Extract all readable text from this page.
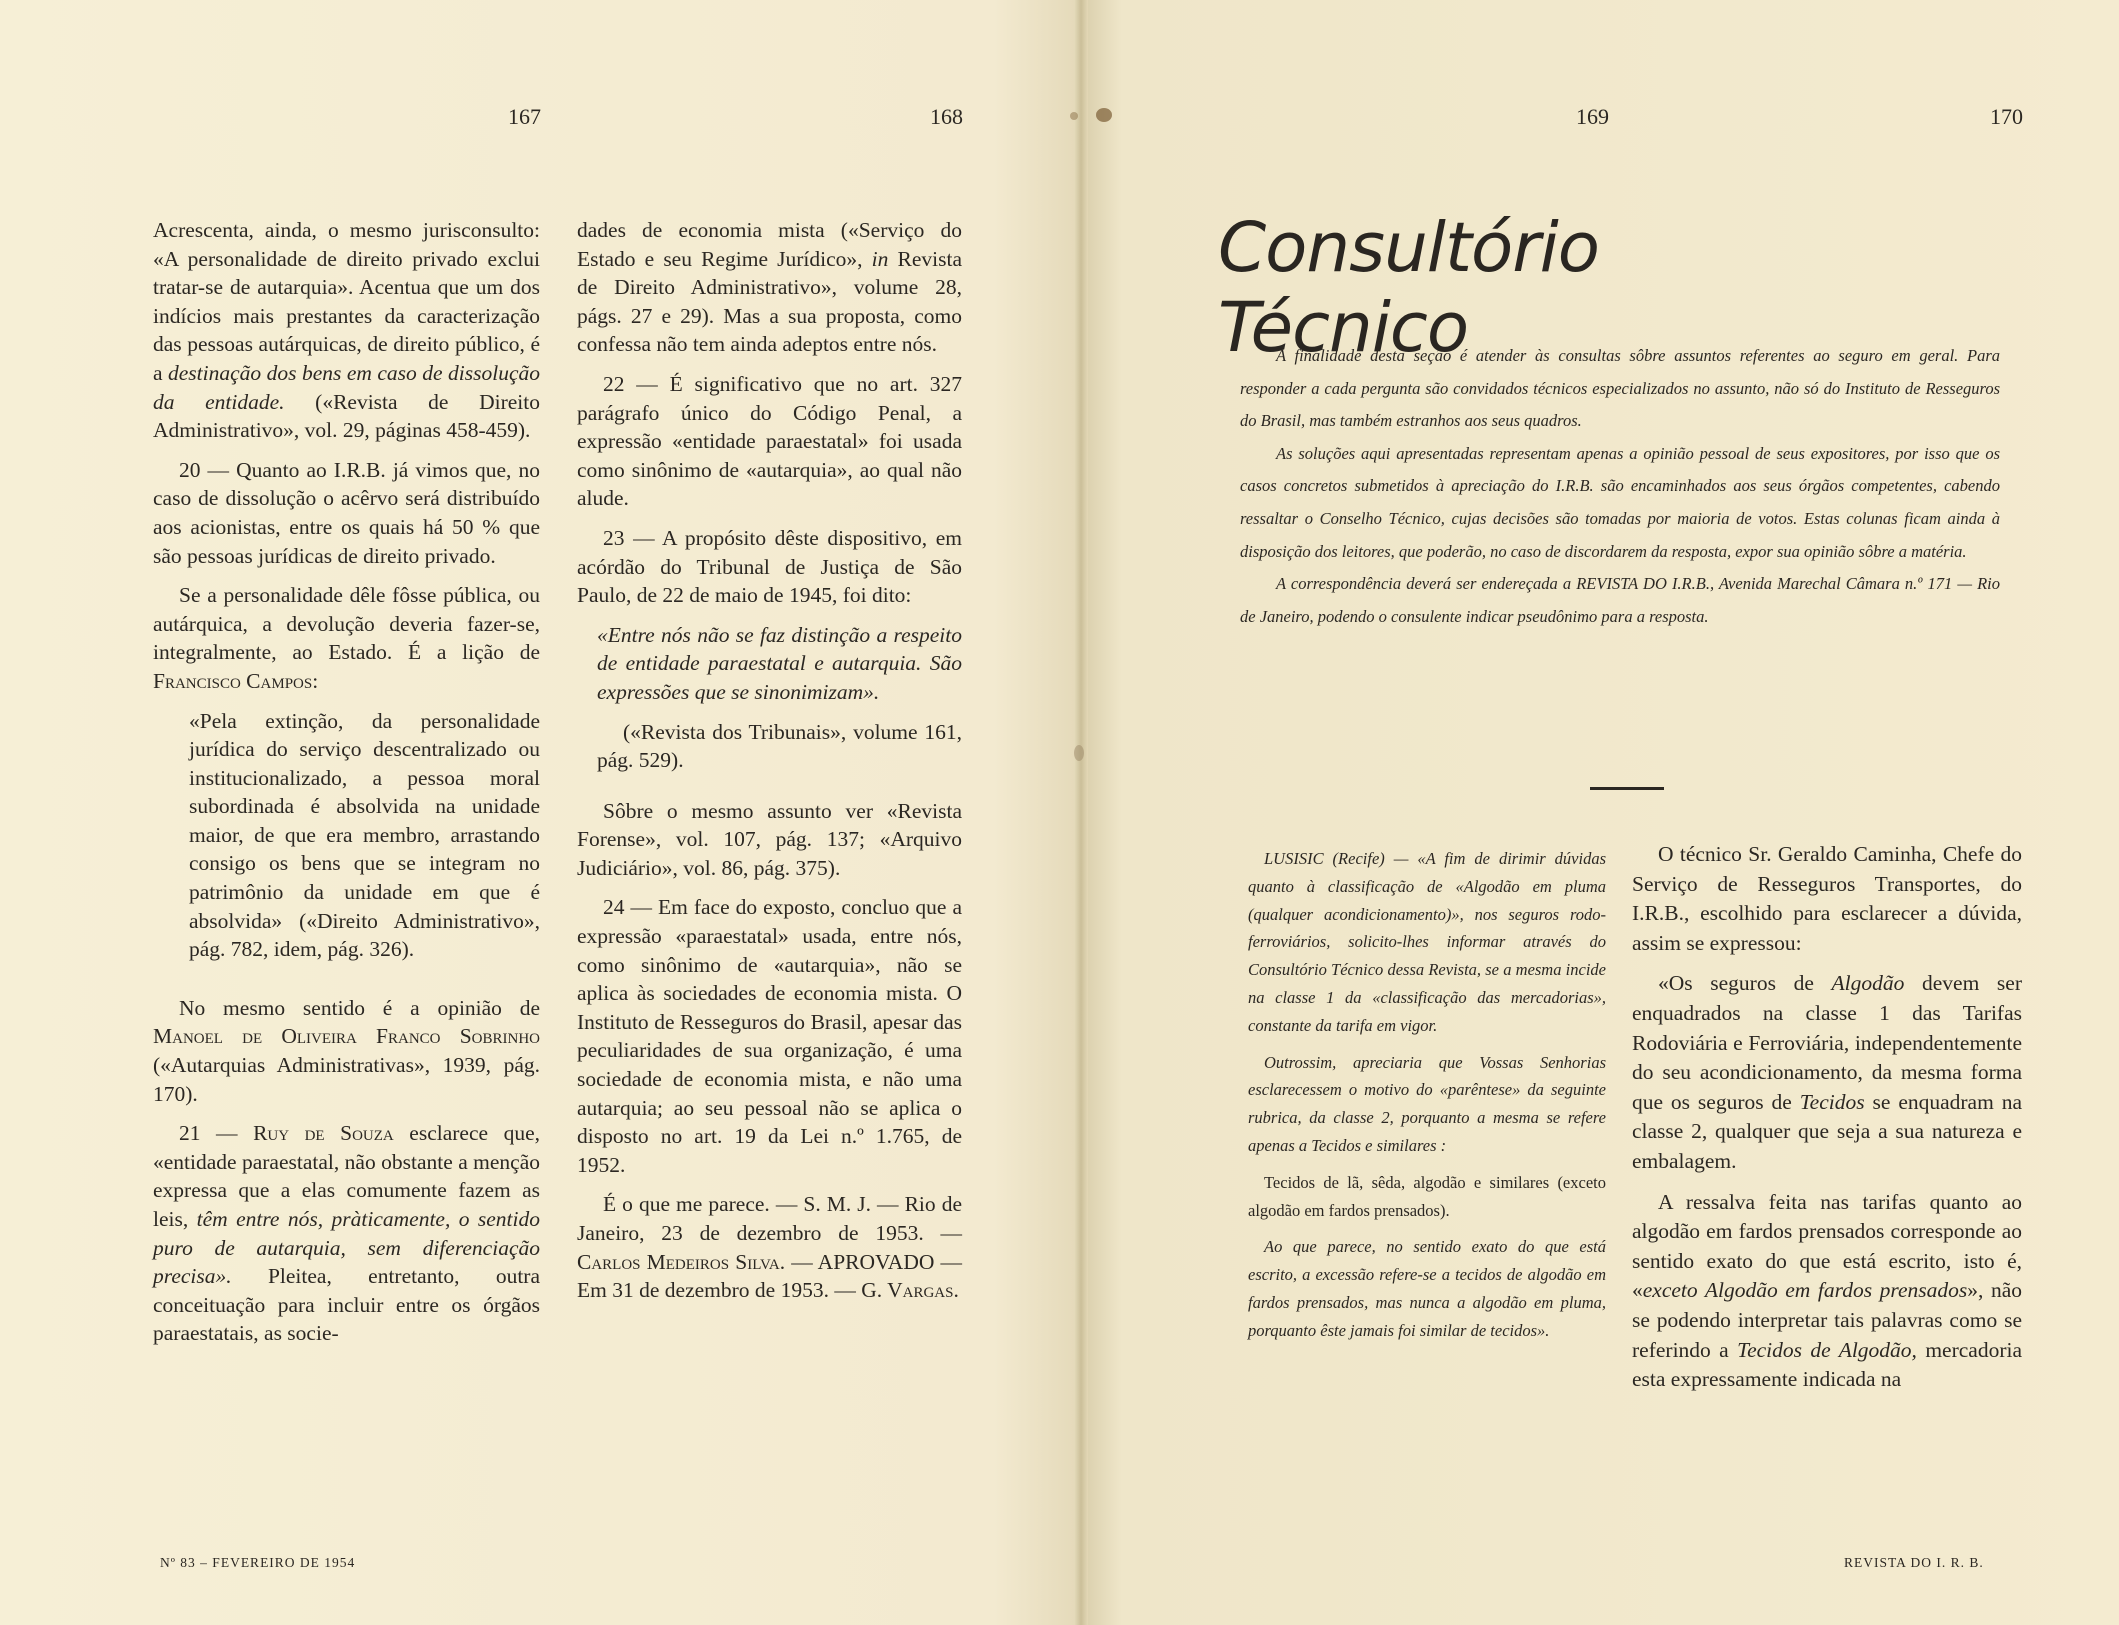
167	168

Acrescenta, ainda, o mesmo jurisconsulto: «A personalidade de direito privado exclui tratar-se de autarquia». Acentua que um dos indícios mais prestantes da caracterização das pessoas autárquicas, de direito público, é a destinação dos bens em caso de dissolução da entidade. («Revista de Direito Administrativo», vol. 29, páginas 458-459).

20 — Quanto ao I.R.B. já vimos que, no caso de dissolução o acêrvo será distribuído aos acionistas, entre os quais há 50 % que são pessoas jurídicas de direito privado.

Se a personalidade dêle fôsse pública, ou autárquica, a devolução deveria fazer-se, integralmente, ao Estado. É a lição de Francisco Campos:

«Pela extinção, da personalidade jurídica do serviço descentralizado ou institucionalizado, a pessoa moral subordinada é absolvida na unidade maior, de que era membro, arrastando consigo os bens que se integram no patrimônio da unidade em que é absolvida» («Direito Administrativo», pág. 782, idem, pág. 326).

No mesmo sentido é a opinião de Manoel de Oliveira Franco Sobrinho («Autarquias Administrativas», 1939, pág. 170).

21 — Ruy de Souza esclarece que, «entidade paraestatal, não obstante a menção expressa que a elas comumente fazem as leis, têm entre nós, pràticamente, o sentido puro de autarquia, sem diferenciação precisa». Pleitea, entretanto, outra conceituação para incluir entre os órgãos paraestatais, as socie-

dades de economia mista («Serviço do Estado e seu Regime Jurídico», in Revista de Direito Administrativo», volume 28, págs. 27 e 29). Mas a sua proposta, como confessa não tem ainda adeptos entre nós.

22 — É significativo que no art. 327 parágrafo único do Código Penal, a expressão «entidade paraestatal» foi usada como sinônimo de «autarquia», ao qual não alude.

23 — A propósito dêste dispositivo, em acórdão do Tribunal de Justiça de São Paulo, de 22 de maio de 1945, foi dito:

«Entre nós não se faz distinção a respeito de entidade paraestatal e autarquia. São expressões que se sinonimizam».

(«Revista dos Tribunais», volume 161, pág. 529).

Sôbre o mesmo assunto ver «Revista Forense», vol. 107, pág. 137; «Arquivo Judiciário», vol. 86, pág. 375).

24 — Em face do exposto, concluo que a expressão «paraestatal» usada, entre nós, como sinônimo de «autarquia», não se aplica às sociedades de economia mista. O Instituto de Resseguros do Brasil, apesar das peculiaridades de sua organização, é uma sociedade de economia mista, e não uma autarquia; ao seu pessoal não se aplica o disposto no art. 19 da Lei n.º 1.765, de 1952.

É o que me parece. — S. M. J. — Rio de Janeiro, 23 de dezembro de 1953. — Carlos Medeiros Silva. — APROVADO — Em 31 de dezembro de 1953. — G. Vargas.

Nº 83 – FEVEREIRO DE 1954
169	170
Consultório Técnico

A finalidade desta seção é atender às consultas sôbre assuntos referentes ao seguro em geral. Para responder a cada pergunta são convidados técnicos especializados no assunto, não só do Instituto de Resseguros do Brasil, mas também estranhos aos seus quadros.

As soluções aqui apresentadas representam apenas a opinião pessoal de seus expositores, por isso que os casos concretos submetidos à apreciação do I.R.B. são encaminhados aos seus órgãos competentes, cabendo ressaltar o Conselho Técnico, cujas decisões são tomadas por maioria de votos. Estas colunas ficam ainda à disposição dos leitores, que poderão, no caso de discordarem da resposta, expor sua opinião sôbre a matéria.

A correspondência deverá ser endereçada a REVISTA DO I.R.B., Avenida Marechal Câmara n.º 171 — Rio de Janeiro, podendo o consulente indicar pseudônimo para a resposta.

LUSISIC (Recife) — «A fim de dirimir dúvidas quanto à classificação de «Algodão em pluma (qualquer acondicionamento)», nos seguros rodo-ferroviários, solicito-lhes informar através do Consultório Técnico dessa Revista, se a mesma incide na classe 1 da «classificação das mercadorias», constante da tarifa em vigor.

Outrossim, apreciaria que Vossas Senhorias esclarecessem o motivo do «parêntese» da seguinte rubrica, da classe 2, porquanto a mesma se refere apenas a Tecidos e similares :

Tecidos de lã, sêda, algodão e similares (exceto algodão em fardos prensados).

Ao que parece, no sentido exato do que está escrito, a excessão refere-se a tecidos de algodão em fardos prensados, mas nunca a algodão em pluma, porquanto êste jamais foi similar de tecidos».

O técnico Sr. Geraldo Caminha, Chefe do Serviço de Resseguros Transportes, do I.R.B., escolhido para esclarecer a dúvida, assim se expressou:

«Os seguros de Algodão devem ser enquadrados na classe 1 das Tarifas Rodoviária e Ferroviária, independentemente do seu acondicionamento, da mesma forma que os seguros de Tecidos se enquadram na classe 2, qualquer que seja a sua natureza e embalagem.

A ressalva feita nas tarifas quanto ao algodão em fardos prensados corresponde ao sentido exato do que está escrito, isto é, «exceto Algodão em fardos prensados», não se podendo interpretar tais palavras como se referindo a Tecidos de Algodão, mercadoria esta expressamente indicada na

REVISTA DO I. R. B.
